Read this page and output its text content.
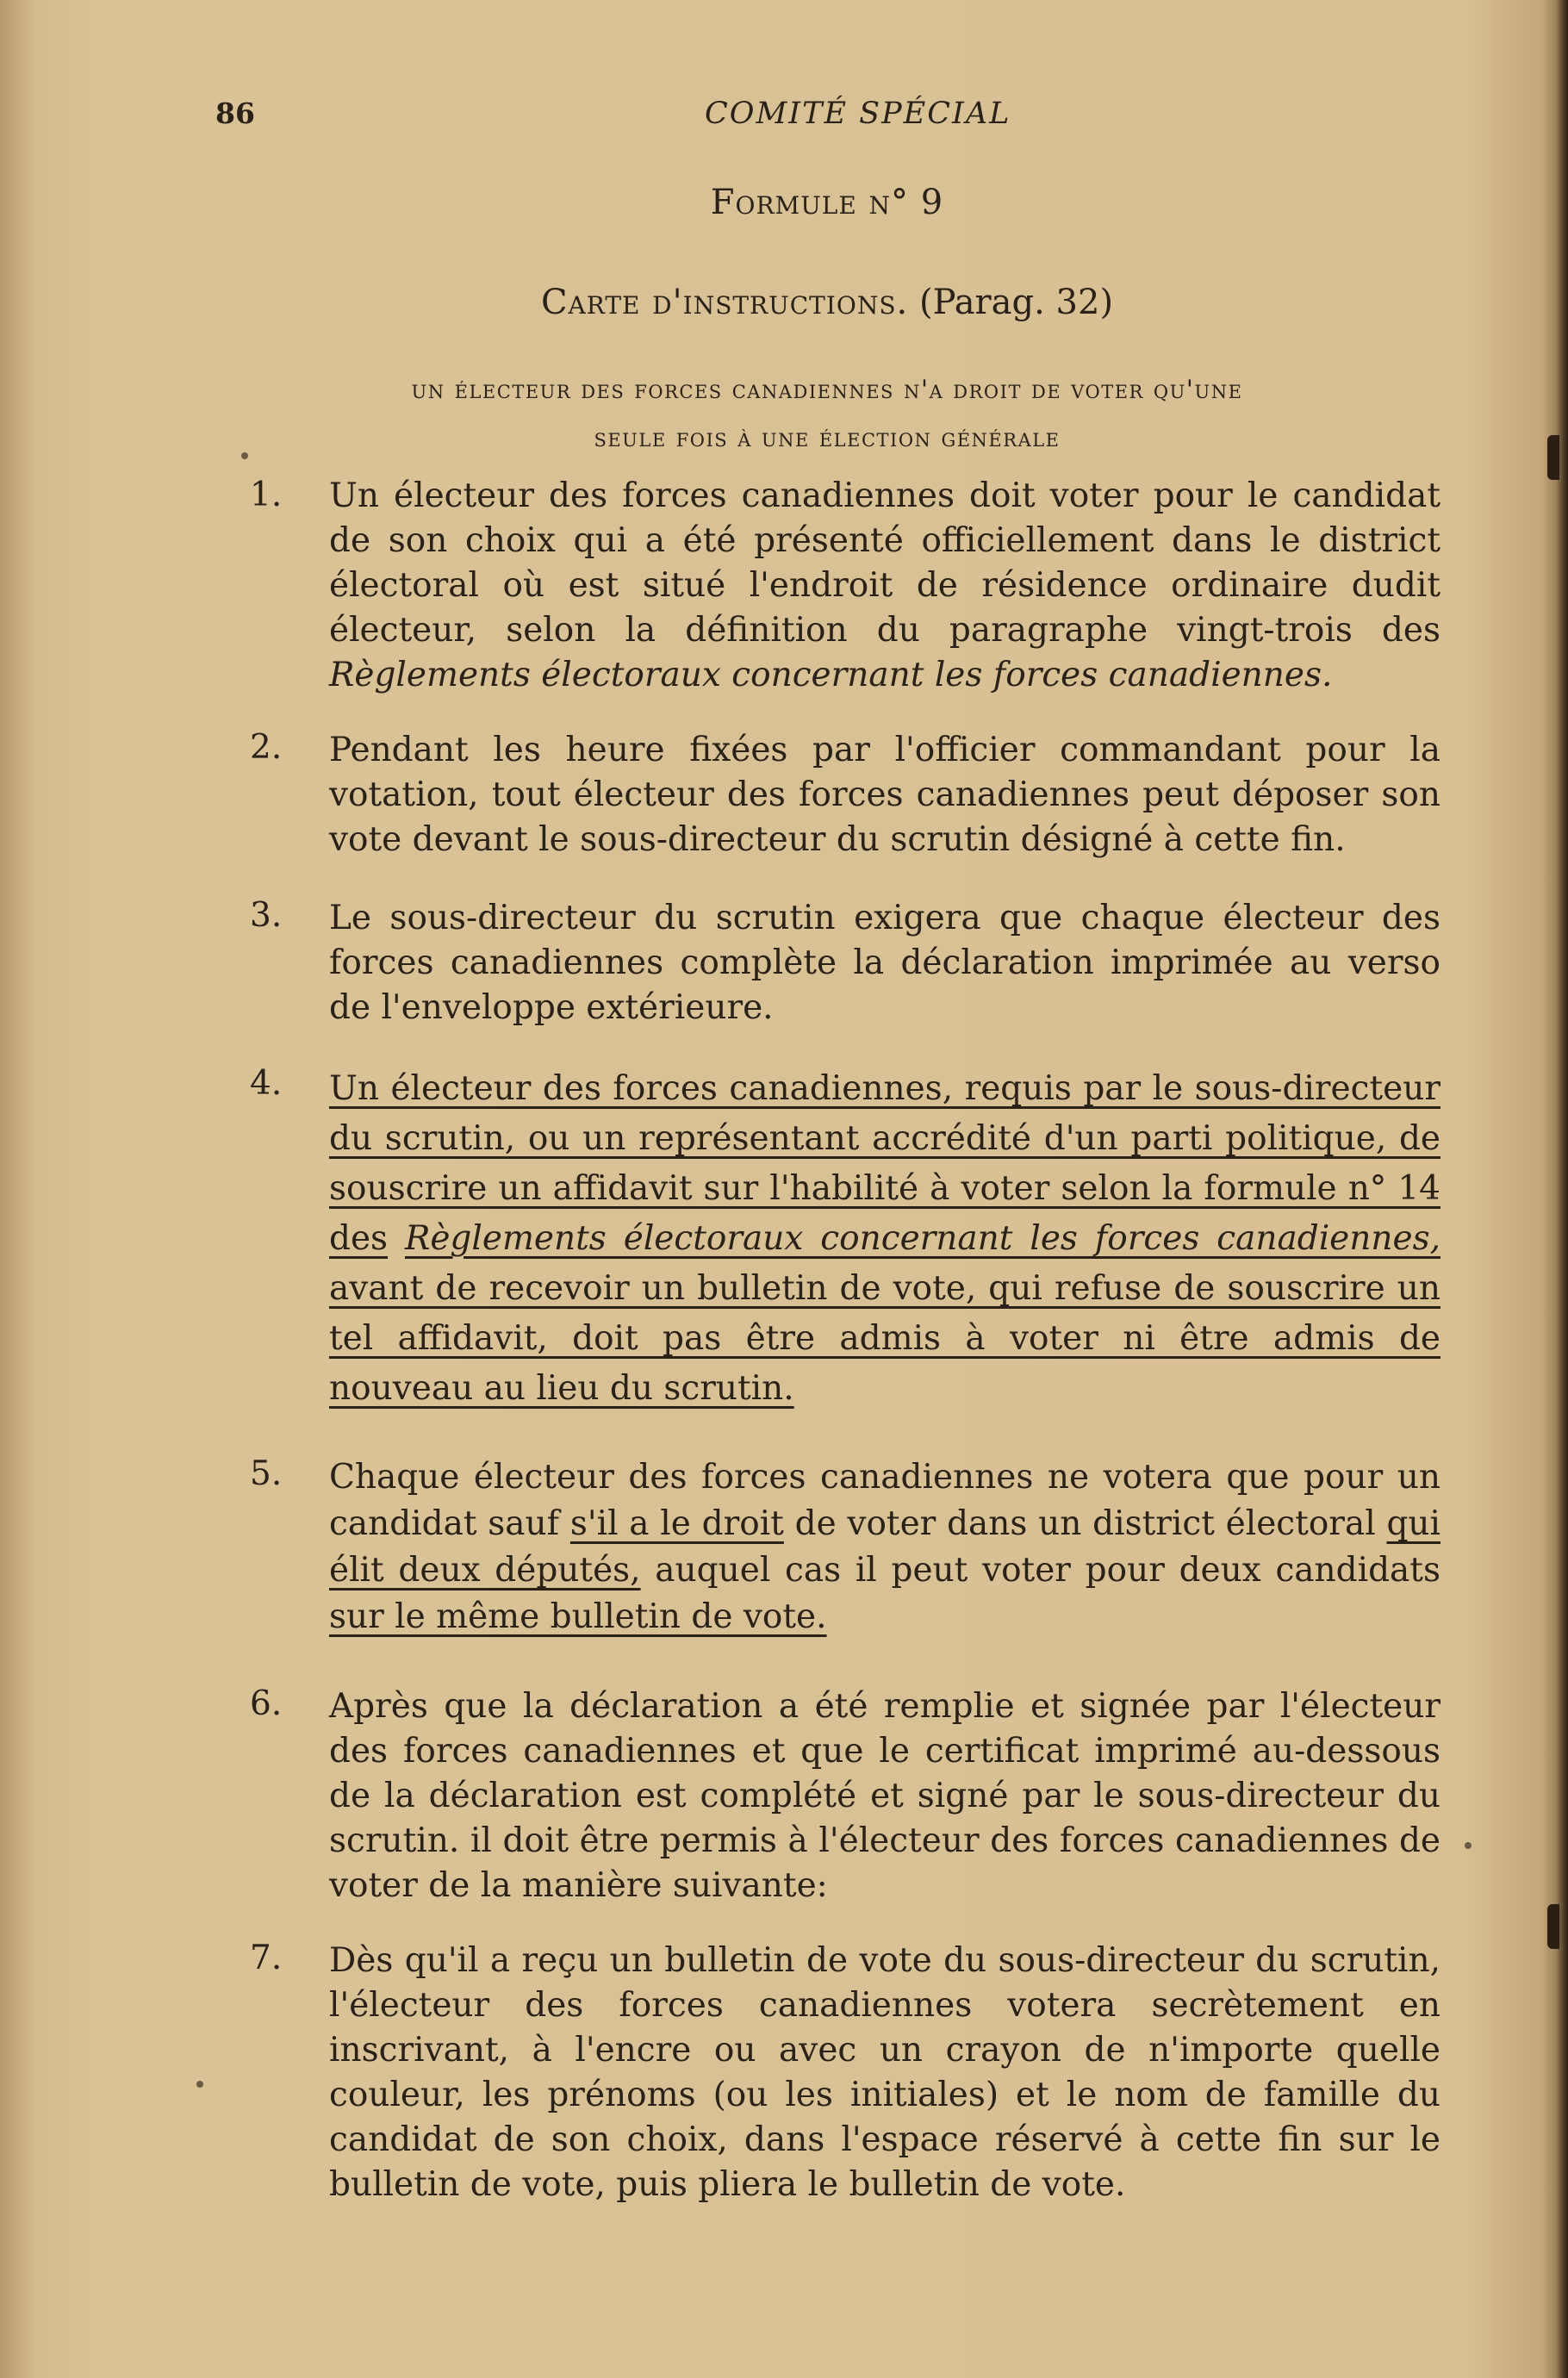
86	COMITÉ SPÉCIAL
Formule n° 9
Carte d'instructions. (Parag. 32)
un électeur des forces canadiennes n'a droit de voter qu'une
seule fois à une élection générale
1.	Un électeur des forces canadiennes doit voter pour le candidat de son choix qui a été présenté officiellement dans le district électoral où est situé l'endroit de résidence ordinaire dudit électeur, selon la définition du paragraphe vingt-trois des Règlements électoraux concernant les forces canadiennes.
2.	Pendant les heure fixées par l'officier commandant pour la votation, tout électeur des forces canadiennes peut déposer son vote devant le sous-directeur du scrutin désigné à cette fin.
3.	Le sous-directeur du scrutin exigera que chaque électeur des forces canadiennes complète la déclaration imprimée au verso de l'enveloppe extérieure.
4.	Un électeur des forces canadiennes, requis par le sous-directeur du scrutin, ou un représentant accrédité d'un parti politique, de souscrire un affidavit sur l'habilité à voter selon la formule n° 14 des Règlements électoraux concernant les forces canadiennes, avant de recevoir un bulletin de vote, qui refuse de souscrire un tel affidavit, doit pas être admis à voter ni être admis de nouveau au lieu du scrutin.
5.	Chaque électeur des forces canadiennes ne votera que pour un candidat sauf s'il a le droit de voter dans un district électoral qui élit deux députés, auquel cas il peut voter pour deux candidats sur le même bulletin de vote.
6.	Après que la déclaration a été remplie et signée par l'électeur des forces canadiennes et que le certificat imprimé au-dessous de la déclaration est complété et signé par le sous-directeur du scrutin. il doit être permis à l'électeur des forces canadiennes de voter de la manière suivante:
7.	Dès qu'il a reçu un bulletin de vote du sous-directeur du scrutin, l'électeur des forces canadiennes votera secrètement en inscrivant, à l'encre ou avec un crayon de n'importe quelle couleur, les prénoms (ou les initiales) et le nom de famille du candidat de son choix, dans l'espace réservé à cette fin sur le bulletin de vote, puis pliera le bulletin de vote.
